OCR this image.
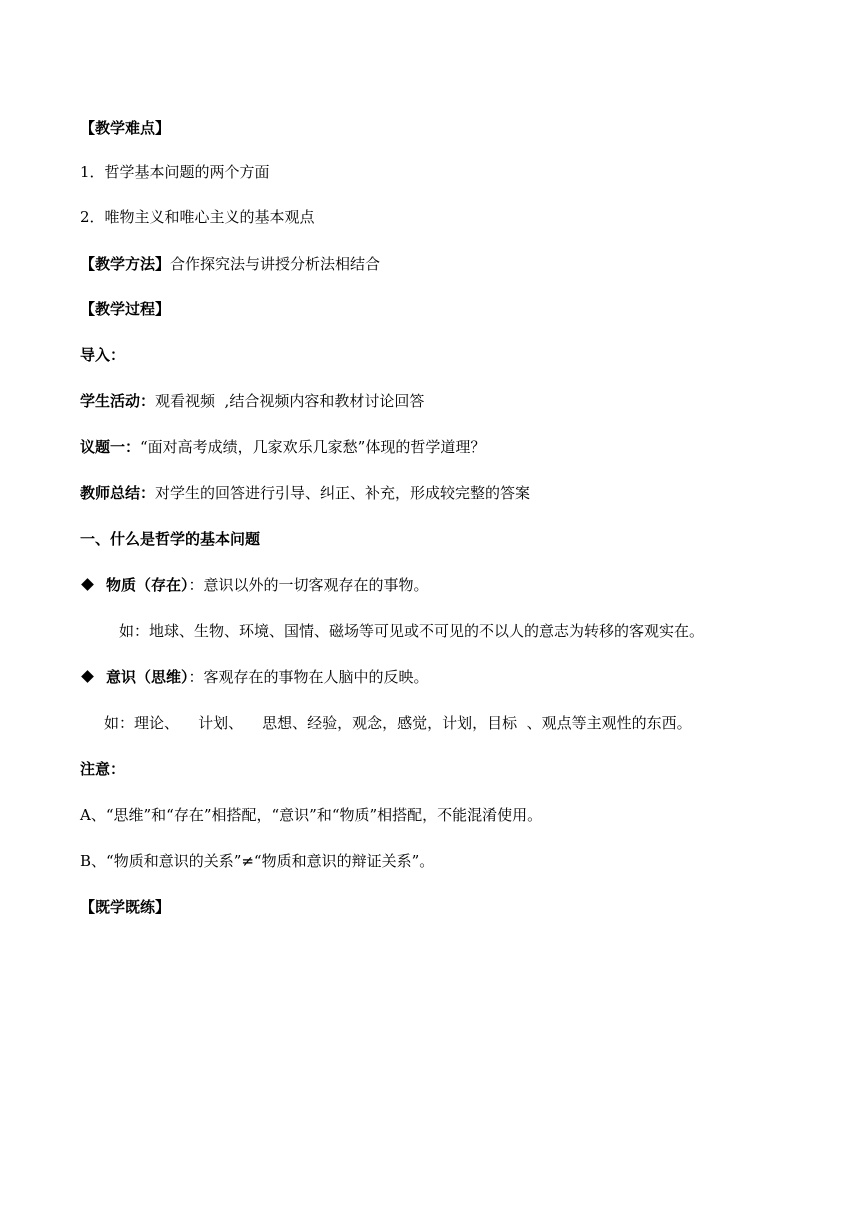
【教学难点】
1．哲学基本问题的两个方面
2．唯物主义和唯心主义的基本观点
【教学方法】合作探究法与讲授分析法相结合
【教学过程】
导入：
学生活动：观看视频  ,结合视频内容和教材讨论回答
议题一：“面对高考成绩，几家欢乐几家愁”体现的哲学道理？
教师总结：对学生的回答进行引导、纠正、补充，形成较完整的答案
一、什么是哲学的基本问题
物质（存在）：意识以外的一切客观存在的事物。
如：地球、生物、环境、国情、磁场等可见或不可见的不以人的意志为转移的客观实在。
意识（思维）：客观存在的事物在人脑中的反映。
如：理论、    计划、    思想、经验，观念，感觉，计划，目标  、观点等主观性的东西。
注意：
A、“思维”和“存在”相搭配，“意识”和“物质”相搭配，不能混淆使用。
B、“物质和意识的关系”≠“物质和意识的辩证关系”。
【既学既练】
